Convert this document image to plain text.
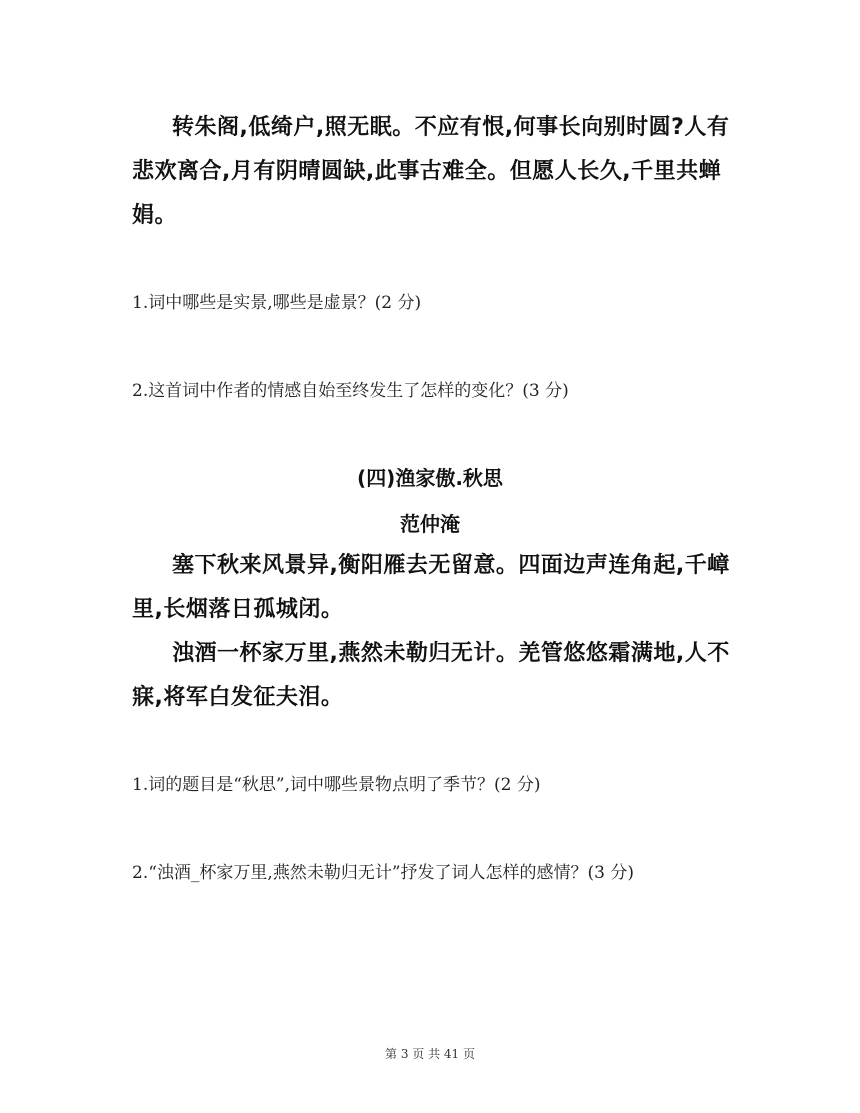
转朱阁,低绮户,照无眠。不应有恨,何事长向别时圆?人有
悲欢离合,月有阴晴圆缺,此事古难全。但愿人长久,千里共蝉
娟。
1.词中哪些是实景,哪些是虚景？(2 分)
2.这首词中作者的情感自始至终发生了怎样的变化？(3 分)
(四)渔家傲.秋思
范仲淹
塞下秋来风景异,衡阳雁去无留意。四面边声连角起,千嶂
里,长烟落日孤城闭。
浊酒一杯家万里,燕然未勒归无计。羌管悠悠霜满地,人不
寐,将军白发征夫泪。
1.词的题目是“秋思”,词中哪些景物点明了季节？(2 分)
2.“浊酒_杯家万里,燕然未勒归无计”抒发了词人怎样的感情？(3 分)
第 3 页 共 41 页
